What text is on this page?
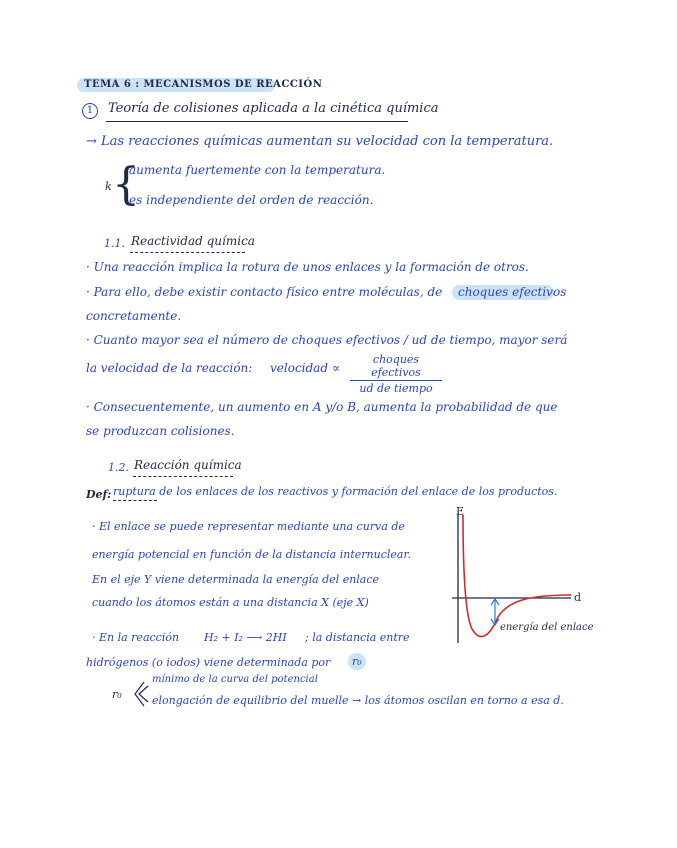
TEMA 6 : MECANISMOS DE REACCIÓN
1	Teoría de colisiones aplicada a la cinética química
→ Las reacciones químicas aumentan su velocidad con la temperatura.
k {
aumenta fuertemente con la temperatura.
es independiente del orden de reacción.
1.1. Reactividad química
· Una reacción implica la rotura de unos enlaces y la formación de otros.
· Para ello, debe existir contacto físico entre moléculas, de choques efectivos
concretamente.
· Cuanto mayor sea el número de choques efectivos / ud de tiempo, mayor será
la velocidad de la reacción: velocidad ∝
choques efectivos
ud de tiempo
· Consecuentemente, un aumento en A y/o B, aumenta la probabilidad de que
se produzcan colisiones.
1.2. Reacción química
Def: ruptura de los enlaces de los reactivos y formación del enlace de los productos.
· El enlace se puede representar mediante una curva de
energía potencial en función de la distancia internuclear.
En el eje Y viene determinada la energía del enlace
cuando los átomos están a una distancia X (eje X)
· En la reacción H₂ + I₂ ⟶ 2HI ; la distancia entre
hidrógenos (o iodos) viene determinada por r₀
r₀
mínimo de la curva del potencial
elongación de equilibrio del muelle → los átomos oscilan en torno a esa d.
E
d
energía del enlace
